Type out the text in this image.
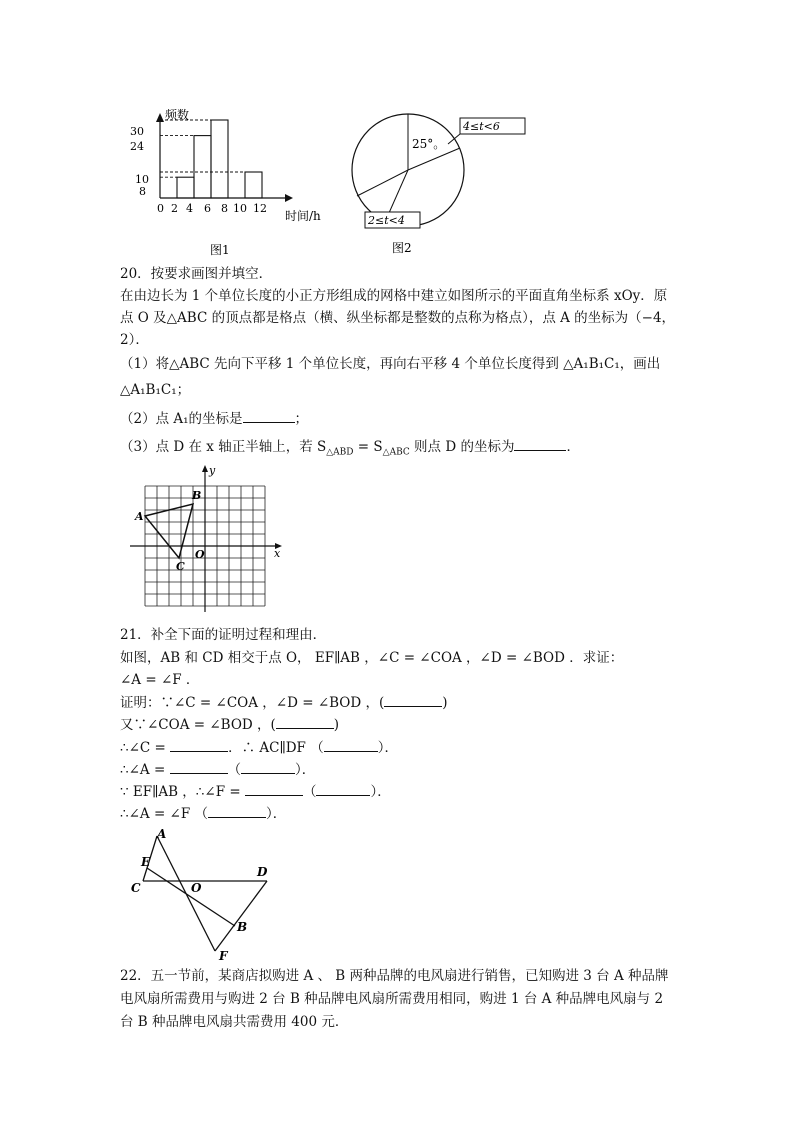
频数
30
24
10
8
0 2 4 6 8 10 12
时间/h
图1
25°。
4≤t<6
2≤t<4
图2
20．按要求画图并填空．
在由边长为 1 个单位长度的小正方形组成的网格中建立如图所示的平面直角坐标系 xOy．原
点 O 及△ABC 的顶点都是格点（横、纵坐标都是整数的点称为格点），点 A 的坐标为（−4，
2）．
（1）将△ABC 先向下平移 1 个单位长度，再向右平移 4 个单位长度得到 △A₁B₁C₁，画出
△A₁B₁C₁；
（2）点 A₁的坐标是	；
（3）点 D 在 x 轴正半轴上，若 $S_{\triangle ABD} = S_{\triangle ABC}$ 则点 D 的坐标为	．
y
x
O
A
B
C
21．补全下面的证明过程和理由．
如图，AB 和 CD 相交于点 O， EF∥AB ，∠C = ∠COA ，∠D = ∠BOD ．求证：
∠A = ∠F ．
证明：∵∠C = ∠COA ，∠D = ∠BOD ，(	)
又∵∠COA = ∠BOD ，(	)
∴∠C =	．∴ AC∥DF （	）．
∴∠A =	（	）．
∵ EF∥AB ，∴∠F =	（	）．
∴∠A = ∠F （	）．
A
E
C	O
D
B
F
22．五一节前，某商店拟购进 A 、 B 两种品牌的电风扇进行销售，已知购进 3 台 A 种品牌
电风扇所需费用与购进 2 台 B 种品牌电风扇所需费用相同，购进 1 台 A 种品牌电风扇与 2
台 B 种品牌电风扇共需费用 400 元．
